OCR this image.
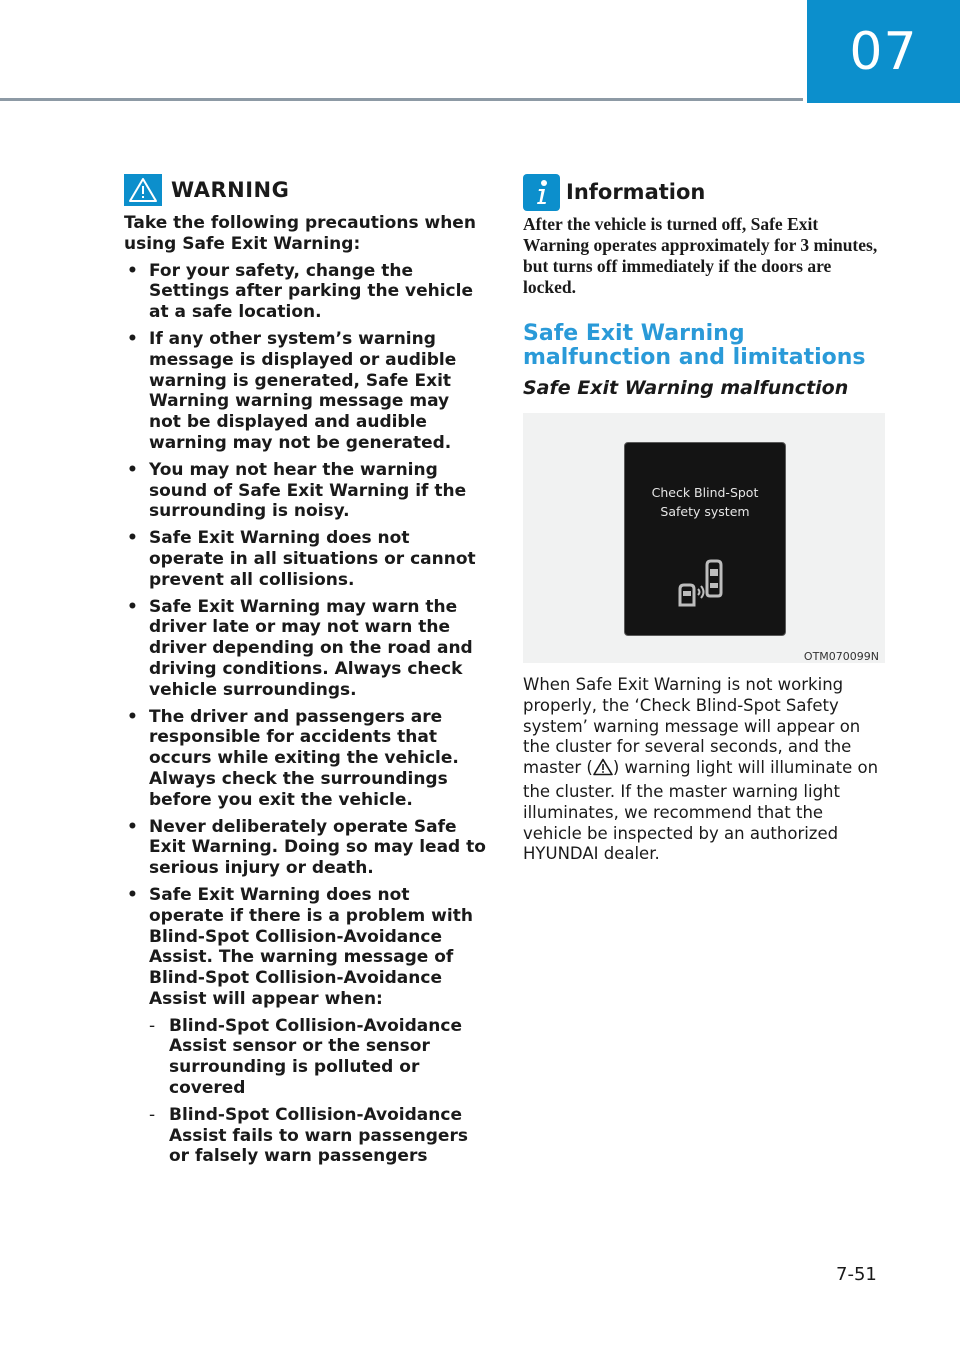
07
WARNING
Take the following precautions when using Safe Exit Warning:
• For your safety, change the Settings after parking the vehicle at a safe location.
• If any other system’s warning message is displayed or audible warning is generated, Safe Exit Warning warning message may not be displayed and audible warning may not be generated.
• You may not hear the warning sound of Safe Exit Warning if the surrounding is noisy.
• Safe Exit Warning does not operate in all situations or cannot prevent all collisions.
• Safe Exit Warning may warn the driver late or may not warn the driver depending on the road and driving conditions. Always check vehicle surroundings.
• The driver and passengers are responsible for accidents that occurs while exiting the vehicle. Always check the surroundings before you exit the vehicle.
• Never deliberately operate Safe Exit Warning. Doing so may lead to serious injury or death.
• Safe Exit Warning does not operate if there is a problem with Blind-Spot Collision-Avoidance Assist. The warning message of Blind-Spot Collision-Avoidance Assist will appear when:
- Blind-Spot Collision-Avoidance Assist sensor or the sensor surrounding is polluted or covered
- Blind-Spot Collision-Avoidance Assist fails to warn passengers or falsely warn passengers
Information
After the vehicle is turned off, Safe Exit Warning operates approximately for 3 minutes, but turns off immediately if the doors are locked.
Safe Exit Warning malfunction and limitations
Safe Exit Warning malfunction
Check Blind-Spot
Safety system
OTM070099N
When Safe Exit Warning is not working properly, the ‘Check Blind-Spot Safety system’ warning message will appear on the cluster for several seconds, and the master ( ) warning light will illuminate on the cluster. If the master warning light illuminates, we recommend that the vehicle be inspected by an authorized HYUNDAI dealer.
7-51
